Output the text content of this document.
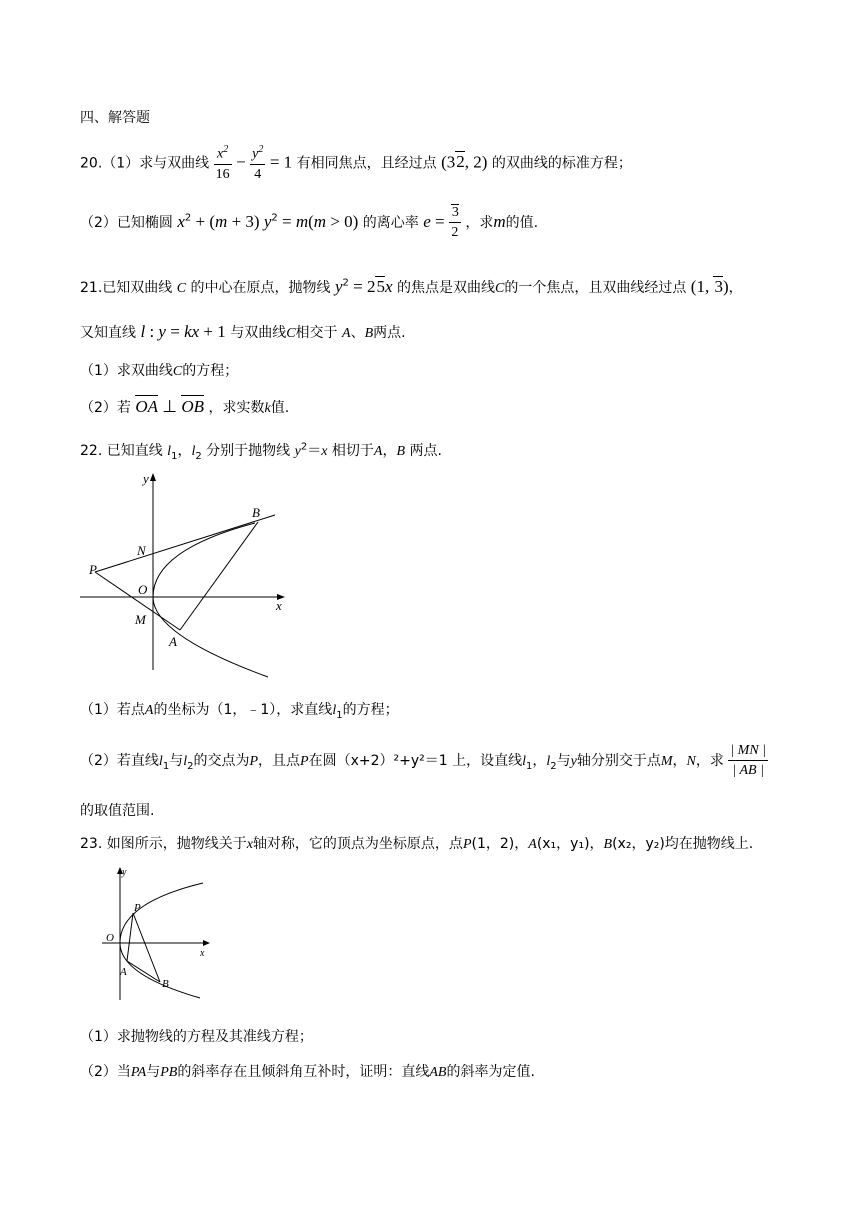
四、解答题
20.（1）求与双曲线 $\frac{x^2}{16} - \frac{y^2}{4} = 1$ 有相同焦点，且经过点 (32, 2) 的双曲线的标准方程；
（2）已知椭圆 $x^2 + (m + 3) y^2 = m(m > 0)$ 的离心率 $e = \frac{3}{2}$ ，求m的值.
21.已知双曲线 C 的中心在原点，抛物线 $y^2 = 25x$ 的焦点是双曲线C的一个焦点，且双曲线经过点 (1, 3)，
又知直线 l : y = kx + 1 与双曲线C相交于 A、B两点.
（1）求双曲线C的方程；
（2）若 OA ⊥ OB ，求实数k值.
22. 已知直线 $l_1$，$l_2$ 分别于抛物线 $y^2=x$ 相切于A，B 两点.
y
x
B
N
P
O
M
A
（1）若点A的坐标为（1，﹣1），求直线$l_1$的方程；
（2）若直线$l_1$与$l_2$的交点为P，且点P在圆（x+2）²+y²＝1 上，设直线$l_1$，$l_2$与y轴分别交于点M，N，求 $\frac{| MN |}{| AB |}$
的取值范围.
23. 如图所示，抛物线关于x轴对称，它的顶点为坐标原点，点P(1，2)，A(x₁，y₁)，B(x₂，y₂)均在抛物线上.
y
x
P
O
A
B
（1）求抛物线的方程及其准线方程；
（2）当PA与PB的斜率存在且倾斜角互补时，证明：直线AB的斜率为定值.
